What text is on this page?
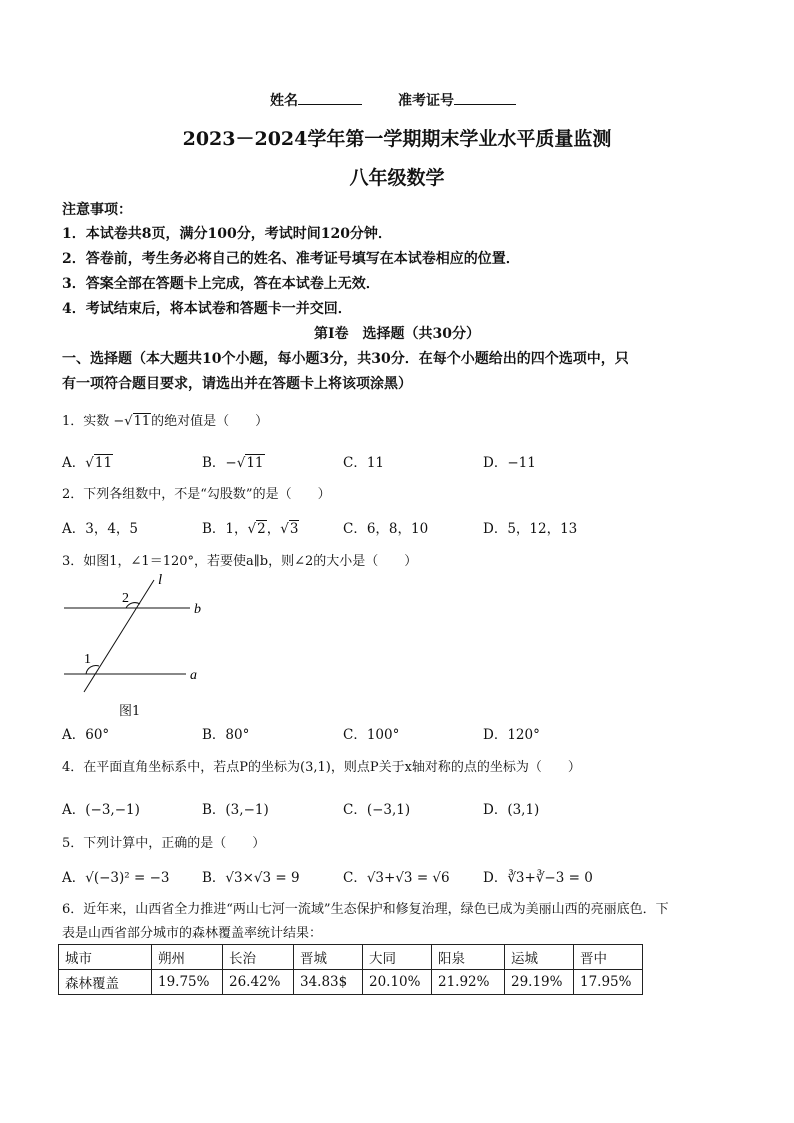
姓名	准考证号
2023－2024学年第一学期期末学业水平质量监测
八年级数学
注意事项：
1．本试卷共8页，满分100分，考试时间120分钟．
2．答卷前，考生务必将自己的姓名、准考证号填写在本试卷相应的位置．
3．答案全部在答题卡上完成，答在本试卷上无效．
4．考试结束后，将本试卷和答题卡一并交回．
第Ⅰ卷　选择题（共30分）
一、选择题（本大题共10个小题，每小题3分，共30分．在每个小题给出的四个选项中，只
有一项符合题目要求，请选出并在答题卡上将该项涂黑）
1．实数 −√11的绝对值是（　　）
A．√11	B．−√11	C．11	D．−11
2．下列各组数中，不是“勾股数”的是（　　）
A．3，4，5	B．1，√2，√3	C．6，8，10	D．5，12，13
3．如图1，∠1＝120°，若要使a∥b，则∠2的大小是（　　）
l
b
a
2
1
图1
A．60°	B．80°	C．100°	D．120°
4．在平面直角坐标系中，若点P的坐标为(3,1)，则点P关于x轴对称的点的坐标为（　　）
A．(−3,−1)	B．(3,−1)	C．(−3,1)	D．(3,1)
5．下列计算中，正确的是（　　）
A．√(−3)² = −3 B．√3×√3 = 9	C．√3+√3 = √6 D．∛3+∛−3 = 0
6．近年来，山西省全力推进“两山七河一流域”生态保护和修复治理，绿色已成为美丽山西的亮丽底色．下
表是山西省部分城市的森林覆盖率统计结果：
城市	朔州	长治	晋城	大同	阳泉	运城	晋中
森林覆盖	19.75%	26.42%	34.83$	20.10%	21.92%	29.19%	17.95%
